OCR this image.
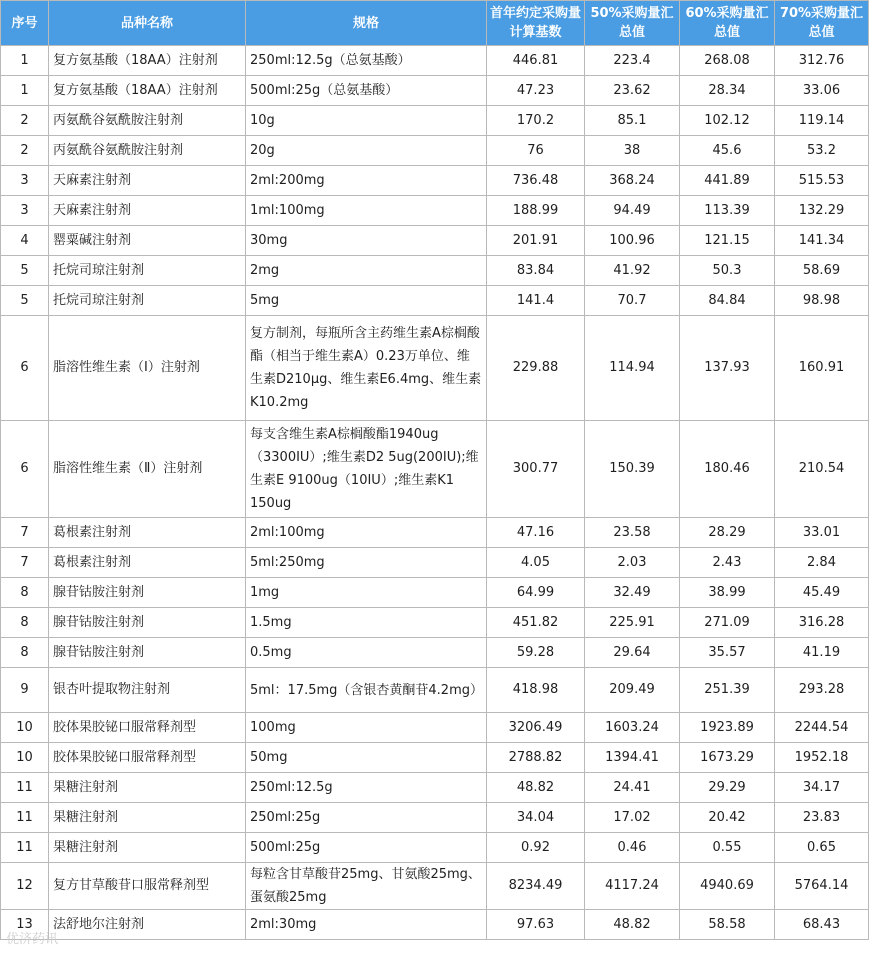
序号	品种名称	规格	首年约定采购量计算基数	50%采购量汇总值	60%采购量汇总值	70%采购量汇总值
1	复方氨基酸（18AA）注射剂	250ml:12.5g（总氨基酸）	446.81	223.4	268.08	312.76
1	复方氨基酸（18AA）注射剂	500ml:25g（总氨基酸）	47.23	23.62	28.34	33.06
2	丙氨酰谷氨酰胺注射剂	10g	170.2	85.1	102.12	119.14
2	丙氨酰谷氨酰胺注射剂	20g	76	38	45.6	53.2
3	天麻素注射剂	2ml:200mg	736.48	368.24	441.89	515.53
3	天麻素注射剂	1ml:100mg	188.99	94.49	113.39	132.29
4	罂粟碱注射剂	30mg	201.91	100.96	121.15	141.34
5	托烷司琼注射剂	2mg	83.84	41.92	50.3	58.69
5	托烷司琼注射剂	5mg	141.4	70.7	84.84	98.98
6	脂溶性维生素（Ⅰ）注射剂	复方制剂，每瓶所含主药维生素A棕榈酸酯（相当于维生素A）0.23万单位、维生素D210μg、维生素E6.4mg、维生素K10.2mg	229.88	114.94	137.93	160.91
6	脂溶性维生素（Ⅱ）注射剂	每支含维生素A棕榈酸酯1940ug（3300IU）;维生素D2 5ug(200IU);维生素E 9100ug（10IU）;维生素K1 150ug	300.77	150.39	180.46	210.54
7	葛根素注射剂	2ml:100mg	47.16	23.58	28.29	33.01
7	葛根素注射剂	5ml:250mg	4.05	2.03	2.43	2.84
8	腺苷钴胺注射剂	1mg	64.99	32.49	38.99	45.49
8	腺苷钴胺注射剂	1.5mg	451.82	225.91	271.09	316.28
8	腺苷钴胺注射剂	0.5mg	59.28	29.64	35.57	41.19
9	银杏叶提取物注射剂	5ml：17.5mg（含银杏黄酮苷4.2mg）	418.98	209.49	251.39	293.28
10	胶体果胶铋口服常释剂型	100mg	3206.49	1603.24	1923.89	2244.54
10	胶体果胶铋口服常释剂型	50mg	2788.82	1394.41	1673.29	1952.18
11	果糖注射剂	250ml:12.5g	48.82	24.41	29.29	34.17
11	果糖注射剂	250ml:25g	34.04	17.02	20.42	23.83
11	果糖注射剂	500ml:25g	0.92	0.46	0.55	0.65
12	复方甘草酸苷口服常释剂型	每粒含甘草酸苷25mg、甘氨酸25mg、蛋氨酸25mg	8234.49	4117.24	4940.69	5764.14
13	法舒地尔注射剂	2ml:30mg	97.63	48.82	58.58	68.43
优济药讯
